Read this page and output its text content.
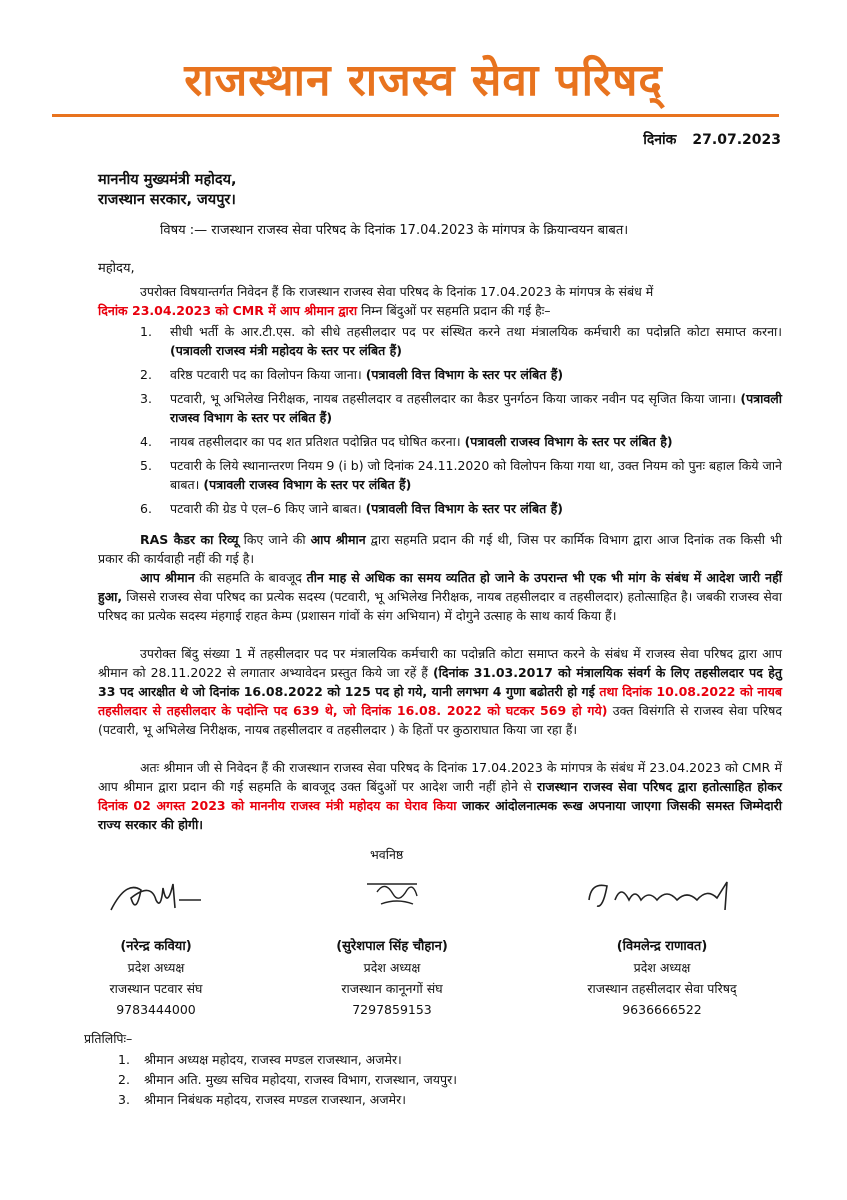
राजस्थान राजस्व सेवा परिषद्
दिनांक 27.07.2023
माननीय मुख्यमंत्री महोदय,
राजस्थान सरकार, जयपुर।
विषय :— राजस्थान राजस्व सेवा परिषद के दिनांक 17.04.2023 के मांगपत्र के क्रियान्वयन बाबत।
महोदय,
उपरोक्त विषयान्तर्गत निवेदन हैं कि राजस्थान राजस्व सेवा परिषद के दिनांक 17.04.2023 के मांगपत्र के संबंध में
दिनांक 23.04.2023 को CMR में आप श्रीमान द्वारा निम्न बिंदुओं पर सहमति प्रदान की गई हैः–
1.	सीधी भर्ती के आर.टी.एस. को सीधे तहसीलदार पद पर संस्थित करने तथा मंत्रालयिक कर्मचारी का पदोन्नति कोटा समाप्त करना। (पत्रावली राजस्व मंत्री महोदय के स्तर पर लंबित हैं)
2.	वरिष्ठ पटवारी पद का विलोपन किया जाना। (पत्रावली वित्त विभाग के स्तर पर लंबित हैं)
3.	पटवारी, भू अभिलेख निरीक्षक, नायब तहसीलदार व तहसीलदार का कैडर पुनर्गठन किया जाकर नवीन पद सृजित किया जाना। (पत्रावली राजस्व विभाग के स्तर पर लंबित हैं)
4.	नायब तहसीलदार का पद शत प्रतिशत पदोन्नित पद घोषित करना। (पत्रावली राजस्व विभाग के स्तर पर लंबित है)
5.	पटवारी के लिये स्थानान्तरण नियम 9 (i b) जो दिनांक 24.11.2020 को विलोपन किया गया था, उक्त नियम को पुनः बहाल किये जाने बाबत। (पत्रावली राजस्व विभाग के स्तर पर लंबित हैं)
6.	पटवारी की ग्रेड पे एल–6 किए जाने बाबत। (पत्रावली वित्त विभाग के स्तर पर लंबित हैं)
RAS कैडर का रिव्यू किए जाने की आप श्रीमान द्वारा सहमति प्रदान की गई थी, जिस पर कार्मिक विभाग द्वारा आज दिनांक तक किसी भी प्रकार की कार्यवाही नहीं की गई है।
आप श्रीमान की सहमति के बावजूद तीन माह से अधिक का समय व्यतित हो जाने के उपरान्त भी एक भी मांग के संबंध में आदेश जारी नहीं हुआ, जिससे राजस्व सेवा परिषद का प्रत्येक सदस्य (पटवारी, भू अभिलेख निरीक्षक, नायब तहसीलदार व तहसीलदार) हतोत्साहित है। जबकी राजस्व सेवा परिषद का प्रत्येक सदस्य मंहगाई राहत केम्प (प्रशासन गांवों के संग अभियान) में दोगुने उत्साह के साथ कार्य किया हैं।
उपरोक्त बिंदु संख्या 1 में तहसीलदार पद पर मंत्रालयिक कर्मचारी का पदोन्नति कोटा समाप्त करने के संबंध में राजस्व सेवा परिषद द्वारा आप श्रीमान को 28.11.2022 से लगातार अभ्यावेदन प्रस्तुत किये जा रहें हैं (दिनांक 31.03.2017 को मंत्रालयिक संवर्ग के लिए तहसीलदार पद हेतु 33 पद आरक्षीत थे जो दिनांक 16.08.2022 को 125 पद हो गये, यानी लगभग 4 गुणा बढोतरी हो गई तथा दिनांक 10.08.2022 को नायब तहसीलदार से तहसीलदार के पदोन्ति पद 639 थे, जो दिनांक 16.08. 2022 को घटकर 569 हो गये) उक्त विसंगति से राजस्व सेवा परिषद (पटवारी, भू अभिलेख निरीक्षक, नायब तहसीलदार व तहसीलदार ) के हितों पर कुठाराघात किया जा रहा हैं।
अतः श्रीमान जी से निवेदन हैं की राजस्थान राजस्व सेवा परिषद के दिनांक 17.04.2023 के मांगपत्र के संबंध में 23.04.2023 को CMR में आप श्रीमान द्वारा प्रदान की गई सहमति के बावजूद उक्त बिंदुओं पर आदेश जारी नहीं होने से राजस्थान राजस्व सेवा परिषद द्वारा हतोत्साहित होकर दिनांक 02 अगस्त 2023 को माननीय राजस्व मंत्री महोदय का घेराव किया जाकर आंदोलनात्मक रूख अपनाया जाएगा जिसकी समस्त जिम्मेदारी राज्य सरकार की होगी।
भवनिष्ठ
(नरेन्द्र कविया)
प्रदेश अध्यक्ष
राजस्थान पटवार संघ
9783444000
(सुरेशपाल सिंह चौहान)
प्रदेश अध्यक्ष
राजस्थान कानूनगों संघ
7297859153
(विमलेन्द्र राणावत)
प्रदेश अध्यक्ष
राजस्थान तहसीलदार सेवा परिषद्
9636666522
प्रतिलिपिः–
1.	श्रीमान अध्यक्ष महोदय, राजस्व मण्डल राजस्थान, अजमेर।
2.	श्रीमान अति. मुख्य सचिव महोदया, राजस्व विभाग, राजस्थान, जयपुर।
3.	श्रीमान निबंधक महोदय, राजस्व मण्डल राजस्थान, अजमेर।
